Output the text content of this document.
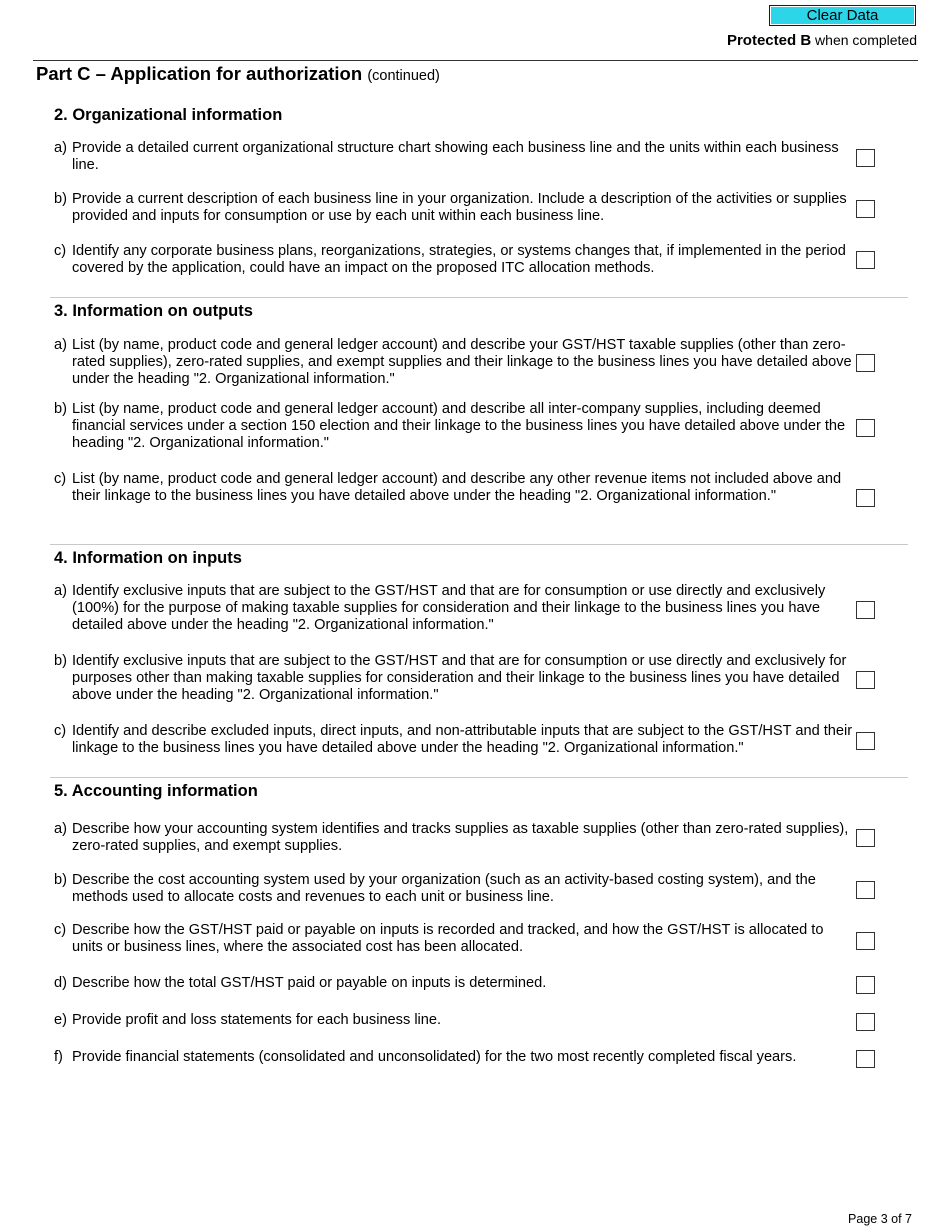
Clear Data
Protected B when completed
Part C – Application for authorization (continued)
2. Organizational information
a) Provide a detailed current organizational structure chart showing each business line and the units within each business line.
b) Provide a current description of each business line in your organization. Include a description of the activities or supplies provided and inputs for consumption or use by each unit within each business line.
c) Identify any corporate business plans, reorganizations, strategies, or systems changes that, if implemented in the period covered by the application, could have an impact on the proposed ITC allocation methods.
3. Information on outputs
a) List (by name, product code and general ledger account) and describe your GST/HST taxable supplies (other than zero-rated supplies), zero-rated supplies, and exempt supplies and their linkage to the business lines you have detailed above under the heading "2. Organizational information."
b) List (by name, product code and general ledger account) and describe all inter-company supplies, including deemed financial services under a section 150 election and their linkage to the business lines you have detailed above under the heading "2. Organizational information."
c) List (by name, product code and general ledger account) and describe any other revenue items not included above and their linkage to the business lines you have detailed above under the heading "2. Organizational information."
4. Information on inputs
a) Identify exclusive inputs that are subject to the GST/HST and that are for consumption or use directly and exclusively (100%) for the purpose of making taxable supplies for consideration and their linkage to the business lines you have detailed above under the heading "2. Organizational information."
b) Identify exclusive inputs that are subject to the GST/HST and that are for consumption or use directly and exclusively for purposes other than making taxable supplies for consideration and their linkage to the business lines you have detailed above under the heading "2. Organizational information."
c) Identify and describe excluded inputs, direct inputs, and non-attributable inputs that are subject to the GST/HST and their linkage to the business lines you have detailed above under the heading "2. Organizational information."
5. Accounting information
a) Describe how your accounting system identifies and tracks supplies as taxable supplies (other than zero-rated supplies), zero-rated supplies, and exempt supplies.
b) Describe the cost accounting system used by your organization (such as an activity-based costing system), and the methods used to allocate costs and revenues to each unit or business line.
c) Describe how the GST/HST paid or payable on inputs is recorded and tracked, and how the GST/HST is allocated to units or business lines, where the associated cost has been allocated.
d) Describe how the total GST/HST paid or payable on inputs is determined.
e) Provide profit and loss statements for each business line.
f) Provide financial statements (consolidated and unconsolidated) for the two most recently completed fiscal years.
Page 3 of 7
